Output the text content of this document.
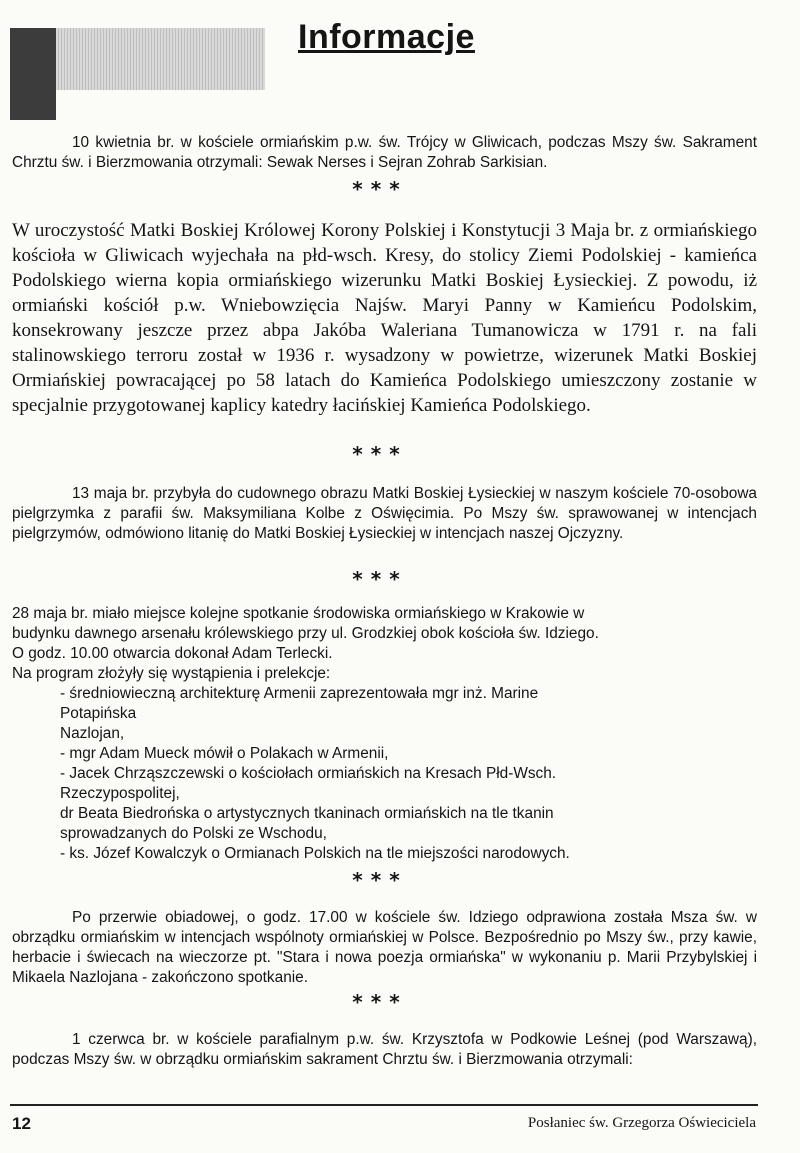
Informacje

10 kwietnia br. w kościele ormiańskim p.w. św. Trójcy w Gliwicach, podczas Mszy św. Sakrament Chrztu św. i Bierzmowania otrzymali: Sewak Nerses i Sejran Zohrab Sarkisian.

***

W uroczystość Matki Boskiej Królowej Korony Polskiej i Konstytucji 3 Maja br. z ormiańskiego kościoła w Gliwicach wyjechała na płd-wsch. Kresy, do stolicy Ziemi Podolskiej - kamieńca Podolskiego wierna kopia ormiańskiego wizerunku Matki Boskiej Łysieckiej. Z powodu, iż ormiański kościół p.w. Wniebowzięcia Najśw. Maryi Panny w Kamieńcu Podolskim, konsekrowany jeszcze przez abpa Jakóba Waleriana Tumanowicza w 1791 r. na fali stalinowskiego terroru został w 1936 r. wysadzony w powietrze, wizerunek Matki Boskiej Ormiańskiej powracającej po 58 latach do Kamieńca Podolskiego umieszczony zostanie w specjalnie przygotowanej kaplicy katedry łacińskiej Kamieńca Podolskiego.

***

13 maja br. przybyła do cudownego obrazu Matki Boskiej Łysieckiej w naszym kościele 70-osobowa pielgrzymka z parafii św. Maksymiliana Kolbe z Oświęcimia. Po Mszy św. sprawowanej w intencjach pielgrzymów, odmówiono litanię do Matki Boskiej Łysieckiej w intencjach naszej Ojczyzny.

***

28 maja br. miało miejsce kolejne spotkanie środowiska ormiańskiego w Krakowie w
budynku dawnego arsenału królewskiego przy ul. Grodzkiej obok kościoła św. Idziego.
O godz. 10.00 otwarcia dokonał Adam Terlecki.
Na program złożyły się wystąpienia i prelekcje:
- średniowieczną architekturę Armenii zaprezentowała mgr inż. Marine
Potapińska
Nazlojan,
- mgr Adam Mueck mówił o Polakach w Armenii,
- Jacek Chrząszczewski o kościołach ormiańskich na Kresach Płd-Wsch.
Rzeczypospolitej,
dr Beata Biedrońska o artystycznych tkaninach ormiańskich na tle tkanin
sprowadzanych do Polski ze Wschodu,
- ks. Józef Kowalczyk o Ormianach Polskich na tle miejszości narodowych.

***

Po przerwie obiadowej, o godz. 17.00 w kościele św. Idziego odprawiona została Msza św. w obrządku ormiańskim w intencjach wspólnoty ormiańskiej w Polsce. Bezpośrednio po Mszy św., przy kawie, herbacie i świecach na wieczorze pt. "Stara i nowa poezja ormiańska" w wykonaniu p. Marii Przybylskiej i Mikaela Nazlojana - zakończono spotkanie.

***

1 czerwca br. w kościele parafialnym p.w. św. Krzysztofa w Podkowie Leśnej (pod Warszawą), podczas Mszy św. w obrządku ormiańskim sakrament Chrztu św. i Bierzmowania otrzymali:

12	Posłaniec św. Grzegorza Oświeciciela
